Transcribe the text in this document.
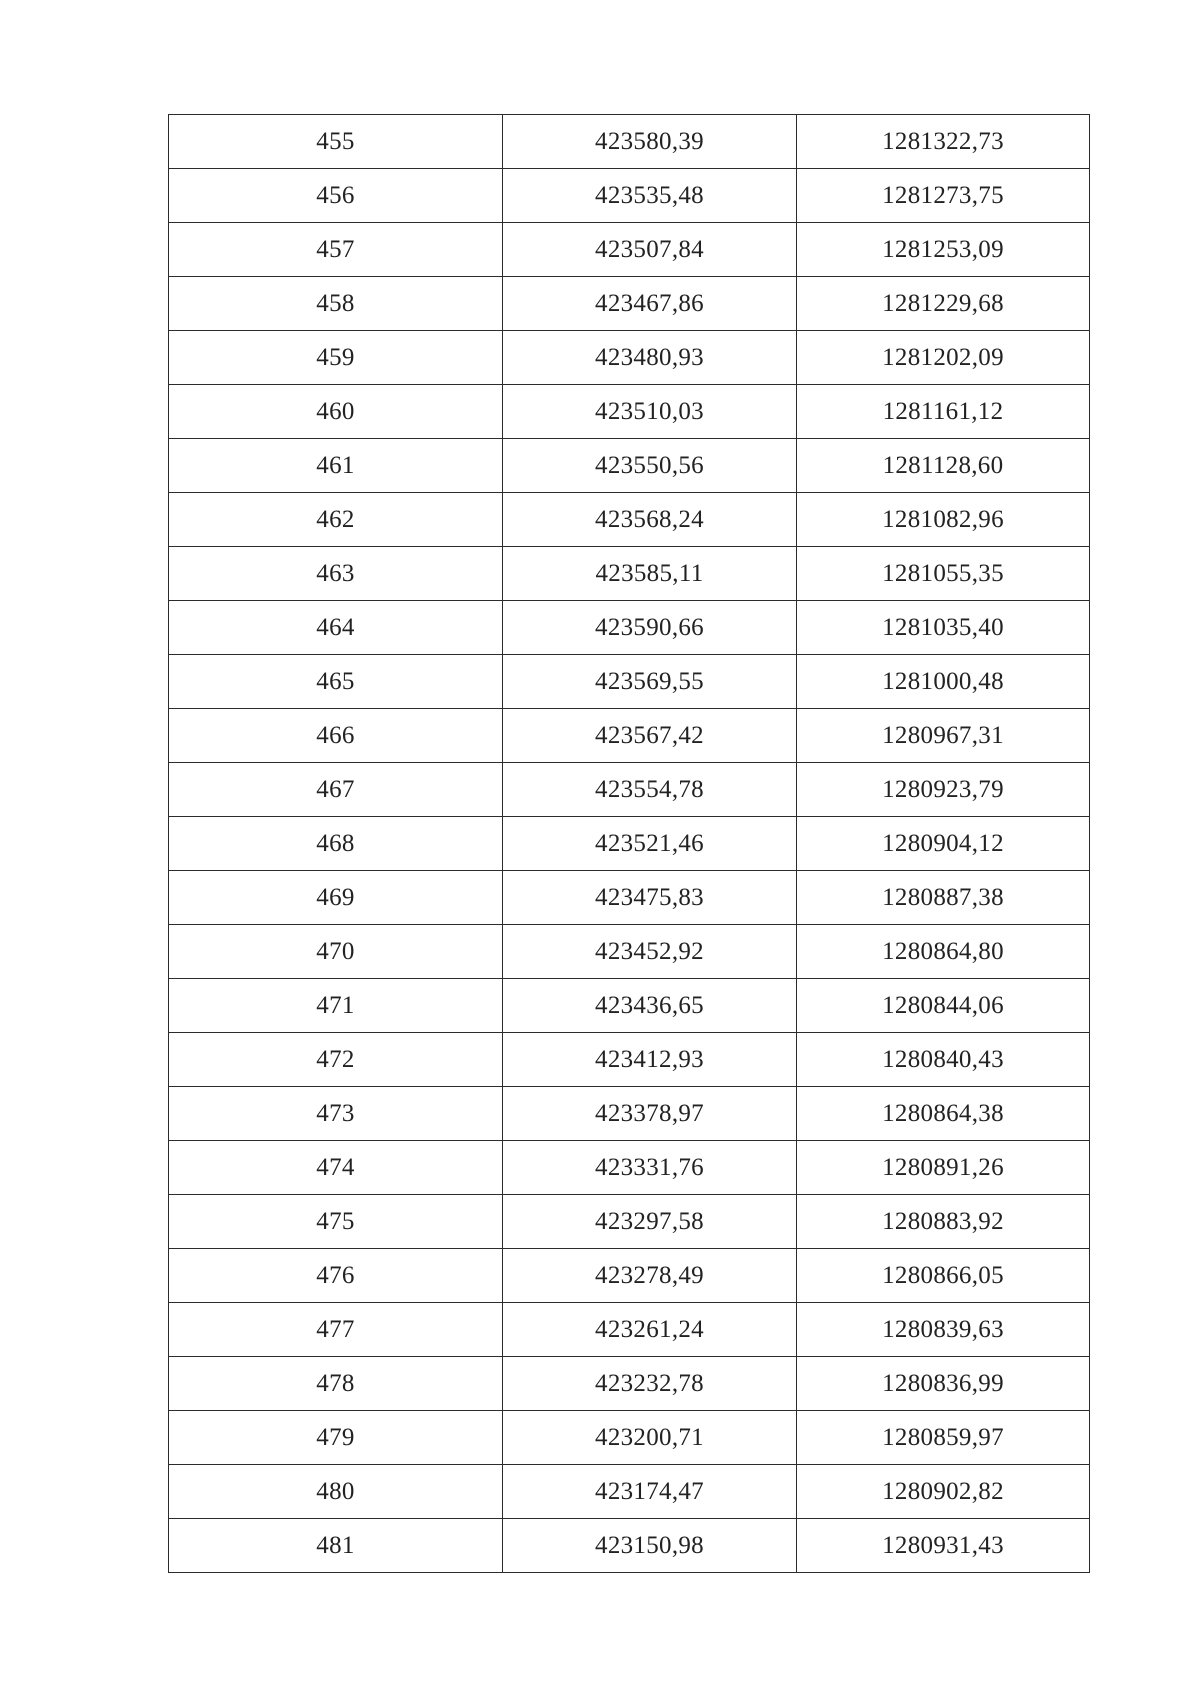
455	423580,39	1281322,73
456	423535,48	1281273,75
457	423507,84	1281253,09
458	423467,86	1281229,68
459	423480,93	1281202,09
460	423510,03	1281161,12
461	423550,56	1281128,60
462	423568,24	1281082,96
463	423585,11	1281055,35
464	423590,66	1281035,40
465	423569,55	1281000,48
466	423567,42	1280967,31
467	423554,78	1280923,79
468	423521,46	1280904,12
469	423475,83	1280887,38
470	423452,92	1280864,80
471	423436,65	1280844,06
472	423412,93	1280840,43
473	423378,97	1280864,38
474	423331,76	1280891,26
475	423297,58	1280883,92
476	423278,49	1280866,05
477	423261,24	1280839,63
478	423232,78	1280836,99
479	423200,71	1280859,97
480	423174,47	1280902,82
481	423150,98	1280931,43
